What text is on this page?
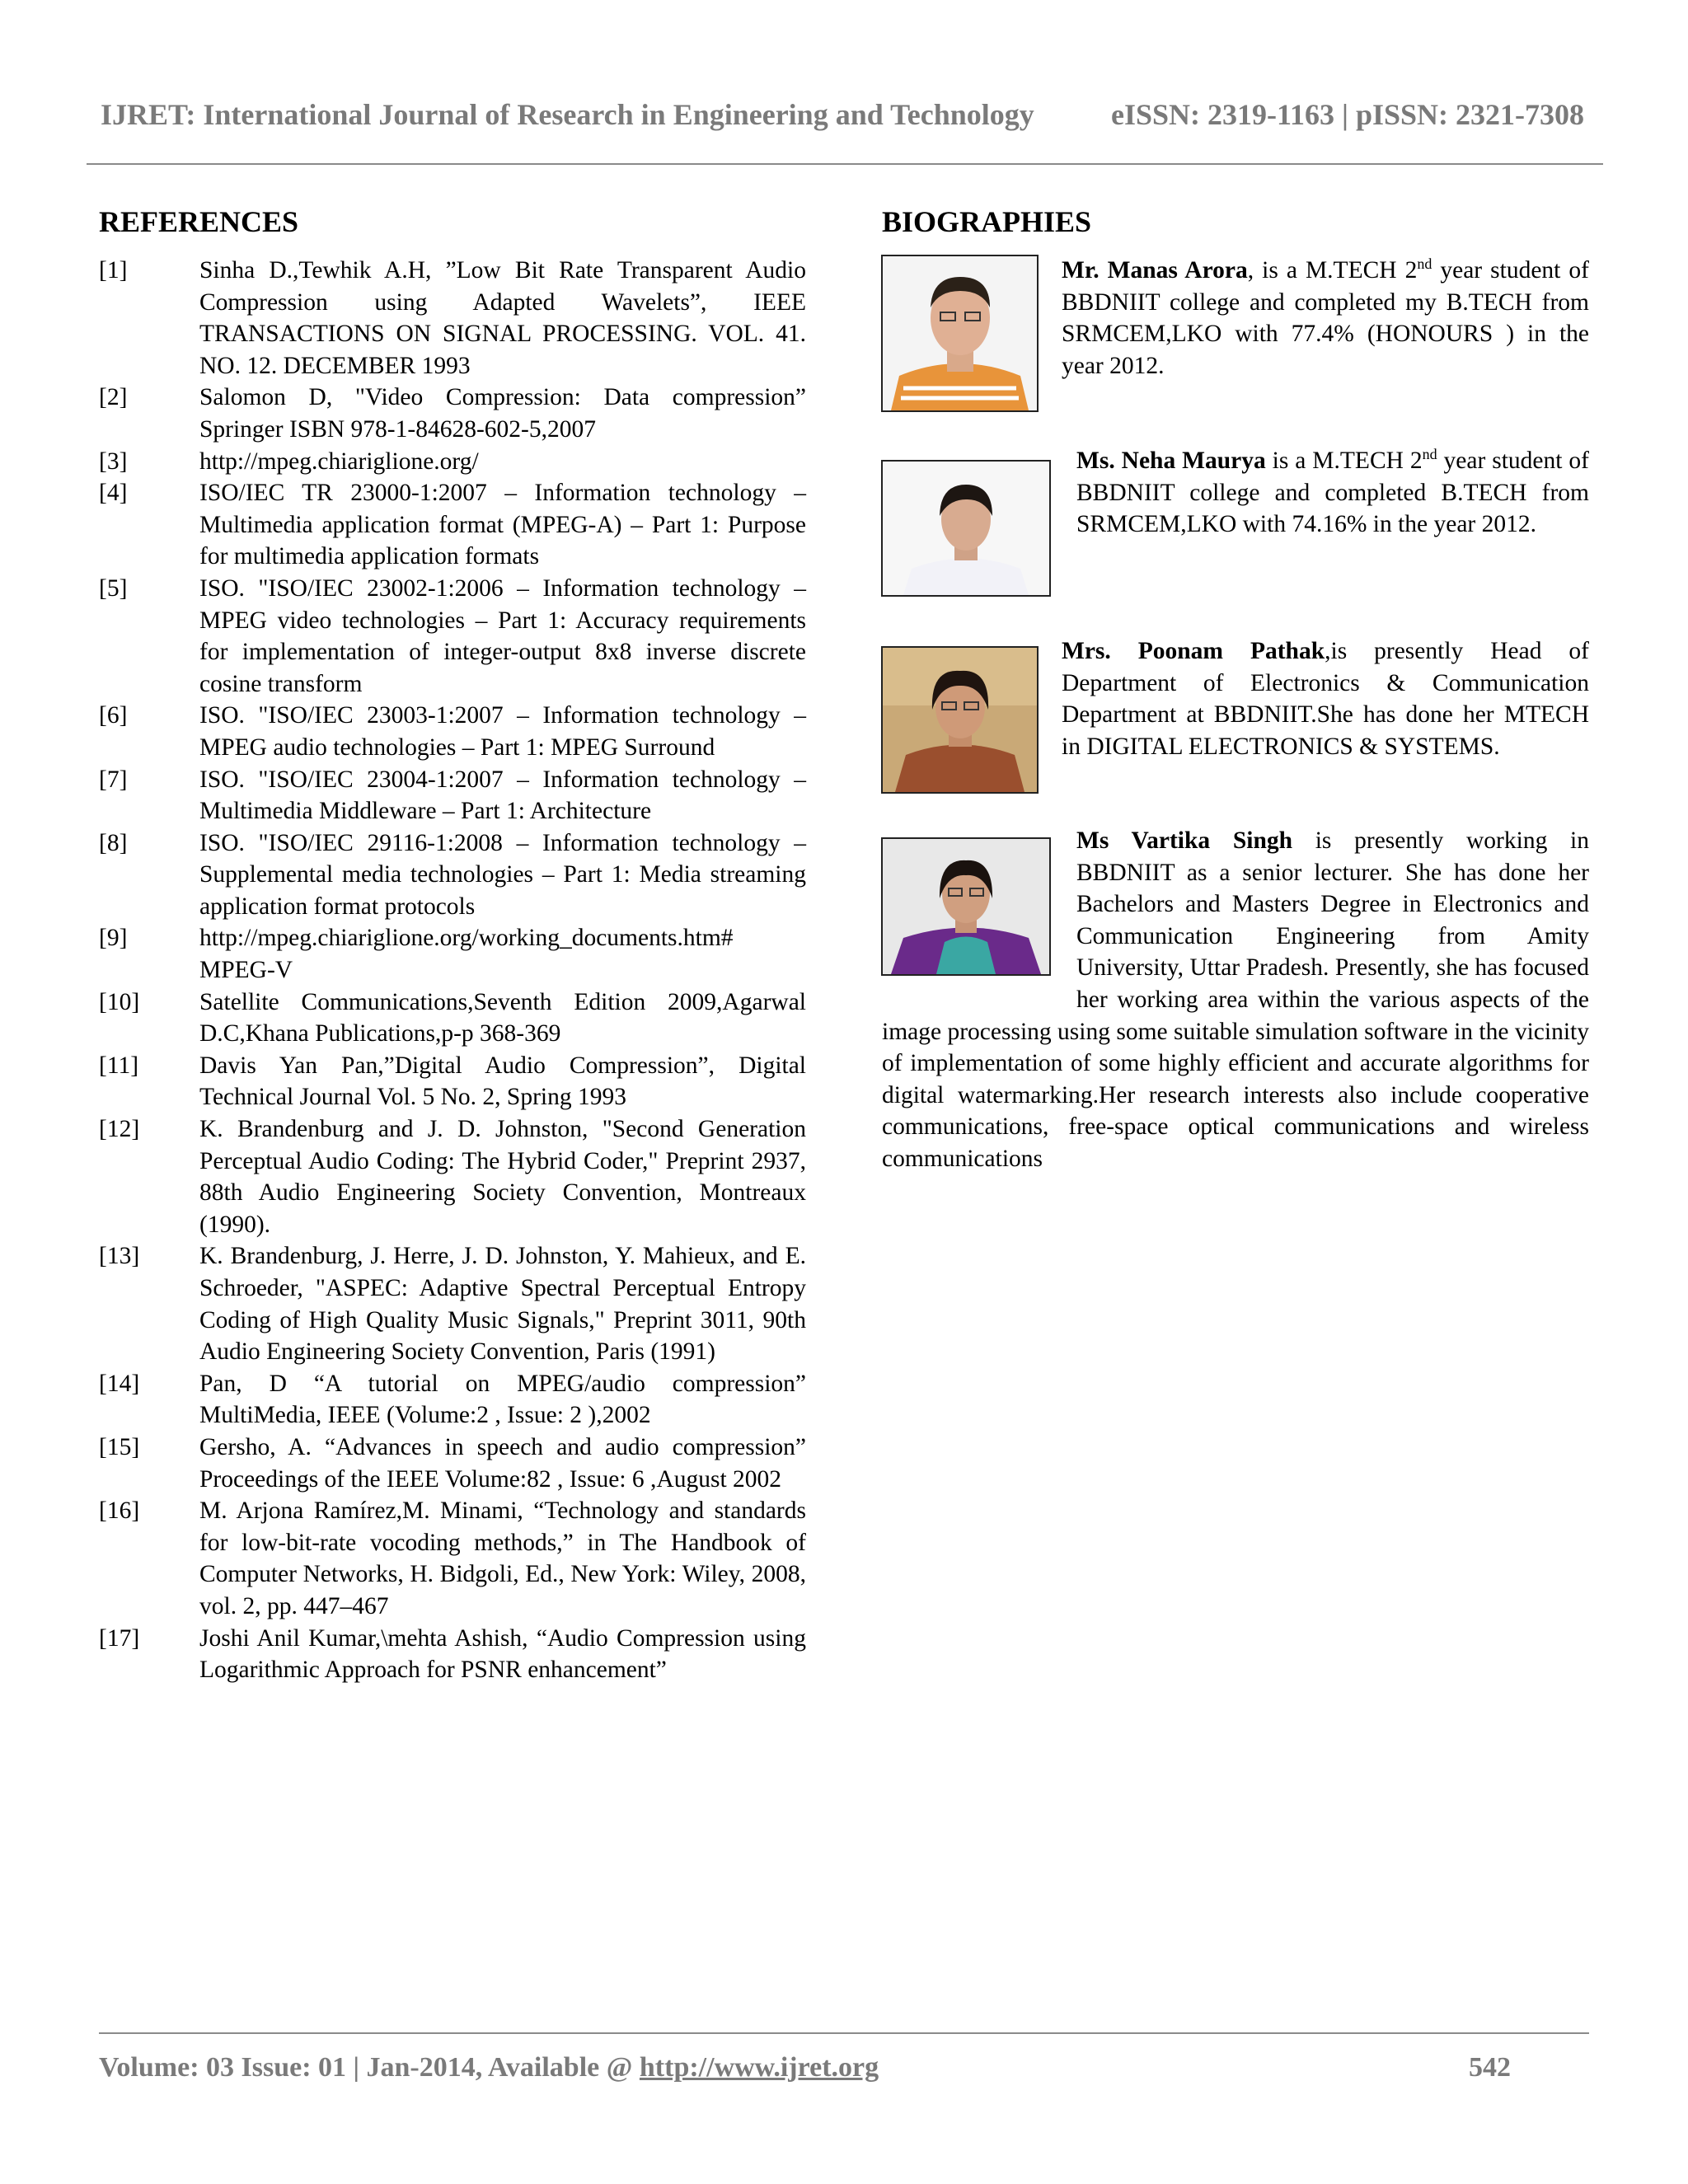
IJRET: International Journal of Research in Engineering and Technology	eISSN: 2319-1163 | pISSN: 2321-7308
REFERENCES	BIOGRAPHIES
[1]	Sinha D.,Tewhik A.H, ”Low Bit Rate Transparent Audio Compression using Adapted Wavelets”, IEEE TRANSACTIONS ON SIGNAL PROCESSING. VOL. 41. NO. 12. DECEMBER 1993
[2]	Salomon D, "Video Compression: Data compression” Springer ISBN 978-1-84628-602-5,2007
[3]	http://mpeg.chiariglione.org/
[4]	ISO/IEC TR 23000-1:2007 – Information technology – Multimedia application format (MPEG-A) – Part 1: Purpose for multimedia application formats
[5]	ISO. "ISO/IEC 23002-1:2006 – Information technology – MPEG video technologies – Part 1: Accuracy requirements for implementation of integer-output 8x8 inverse discrete cosine transform
[6]	ISO. "ISO/IEC 23003-1:2007 – Information technology – MPEG audio technologies – Part 1: MPEG Surround
[7]	ISO. "ISO/IEC 23004-1:2007 – Information technology – Multimedia Middleware – Part 1: Architecture
[8]	ISO. "ISO/IEC 29116-1:2008 – Information technology – Supplemental media technologies – Part 1: Media streaming application format protocols
[9]	http://mpeg.chiariglione.org/working_documents.htm# MPEG-V
[10]	Satellite Communications,Seventh Edition 2009,Agarwal D.C,Khana Publications,p-p 368-369
[11]	Davis Yan Pan,”Digital Audio Compression”, Digital Technical Journal Vol. 5 No. 2, Spring 1993
[12]	K. Brandenburg and J. D. Johnston, "Second Generation Perceptual Audio Coding: The Hybrid Coder," Preprint 2937, 88th Audio Engineering Society Convention, Montreaux (1990).
[13]	K. Brandenburg, J. Herre, J. D. Johnston, Y. Mahieux, and E. Schroeder, "ASPEC: Adaptive Spectral Perceptual Entropy Coding of High Quality Music Signals," Preprint 3011, 90th Audio Engineering Society Convention, Paris (1991)
[14]	Pan, D “A tutorial on MPEG/audio compression” MultiMedia, IEEE (Volume:2 , Issue: 2 ),2002
[15]	Gersho, A. “Advances in speech and audio compression” Proceedings of the IEEE Volume:82 , Issue: 6 ,August 2002
[16]	M. Arjona Ramírez,M. Minami, “Technology and standards for low-bit-rate vocoding methods,” in The Handbook of Computer Networks, H. Bidgoli, Ed., New York: Wiley, 2008, vol. 2, pp. 447–467
[17]	Joshi Anil Kumar,\mehta Ashish, “Audio Compression using Logarithmic Approach for PSNR enhancement”
Mr. Manas Arora, is a M.TECH 2nd year student of BBDNIIT college and completed my B.TECH from SRMCEM,LKO with 77.4% (HONOURS ) in the year 2012.
Ms. Neha Maurya is a M.TECH 2nd year student of BBDNIIT college and completed B.TECH from SRMCEM,LKO with 74.16% in the year 2012.
Mrs. Poonam Pathak,is presently Head of Department of Electronics & Communication Department at BBDNIIT.She has done her MTECH in DIGITAL ELECTRONICS & SYSTEMS.
Ms Vartika Singh is presently working in BBDNIIT as a senior lecturer. She has done her Bachelors and Masters Degree in Electronics and Communication Engineering from Amity University, Uttar Pradesh. Presently, she has focused her working area within the various aspects of the image processing using some suitable simulation software in the vicinity of implementation of some highly efficient and accurate algorithms for digital watermarking.Her research interests also include cooperative communications, free-space optical communications and wireless communications
Volume: 03 Issue: 01 | Jan-2014, Available @ http://www.ijret.org	542
